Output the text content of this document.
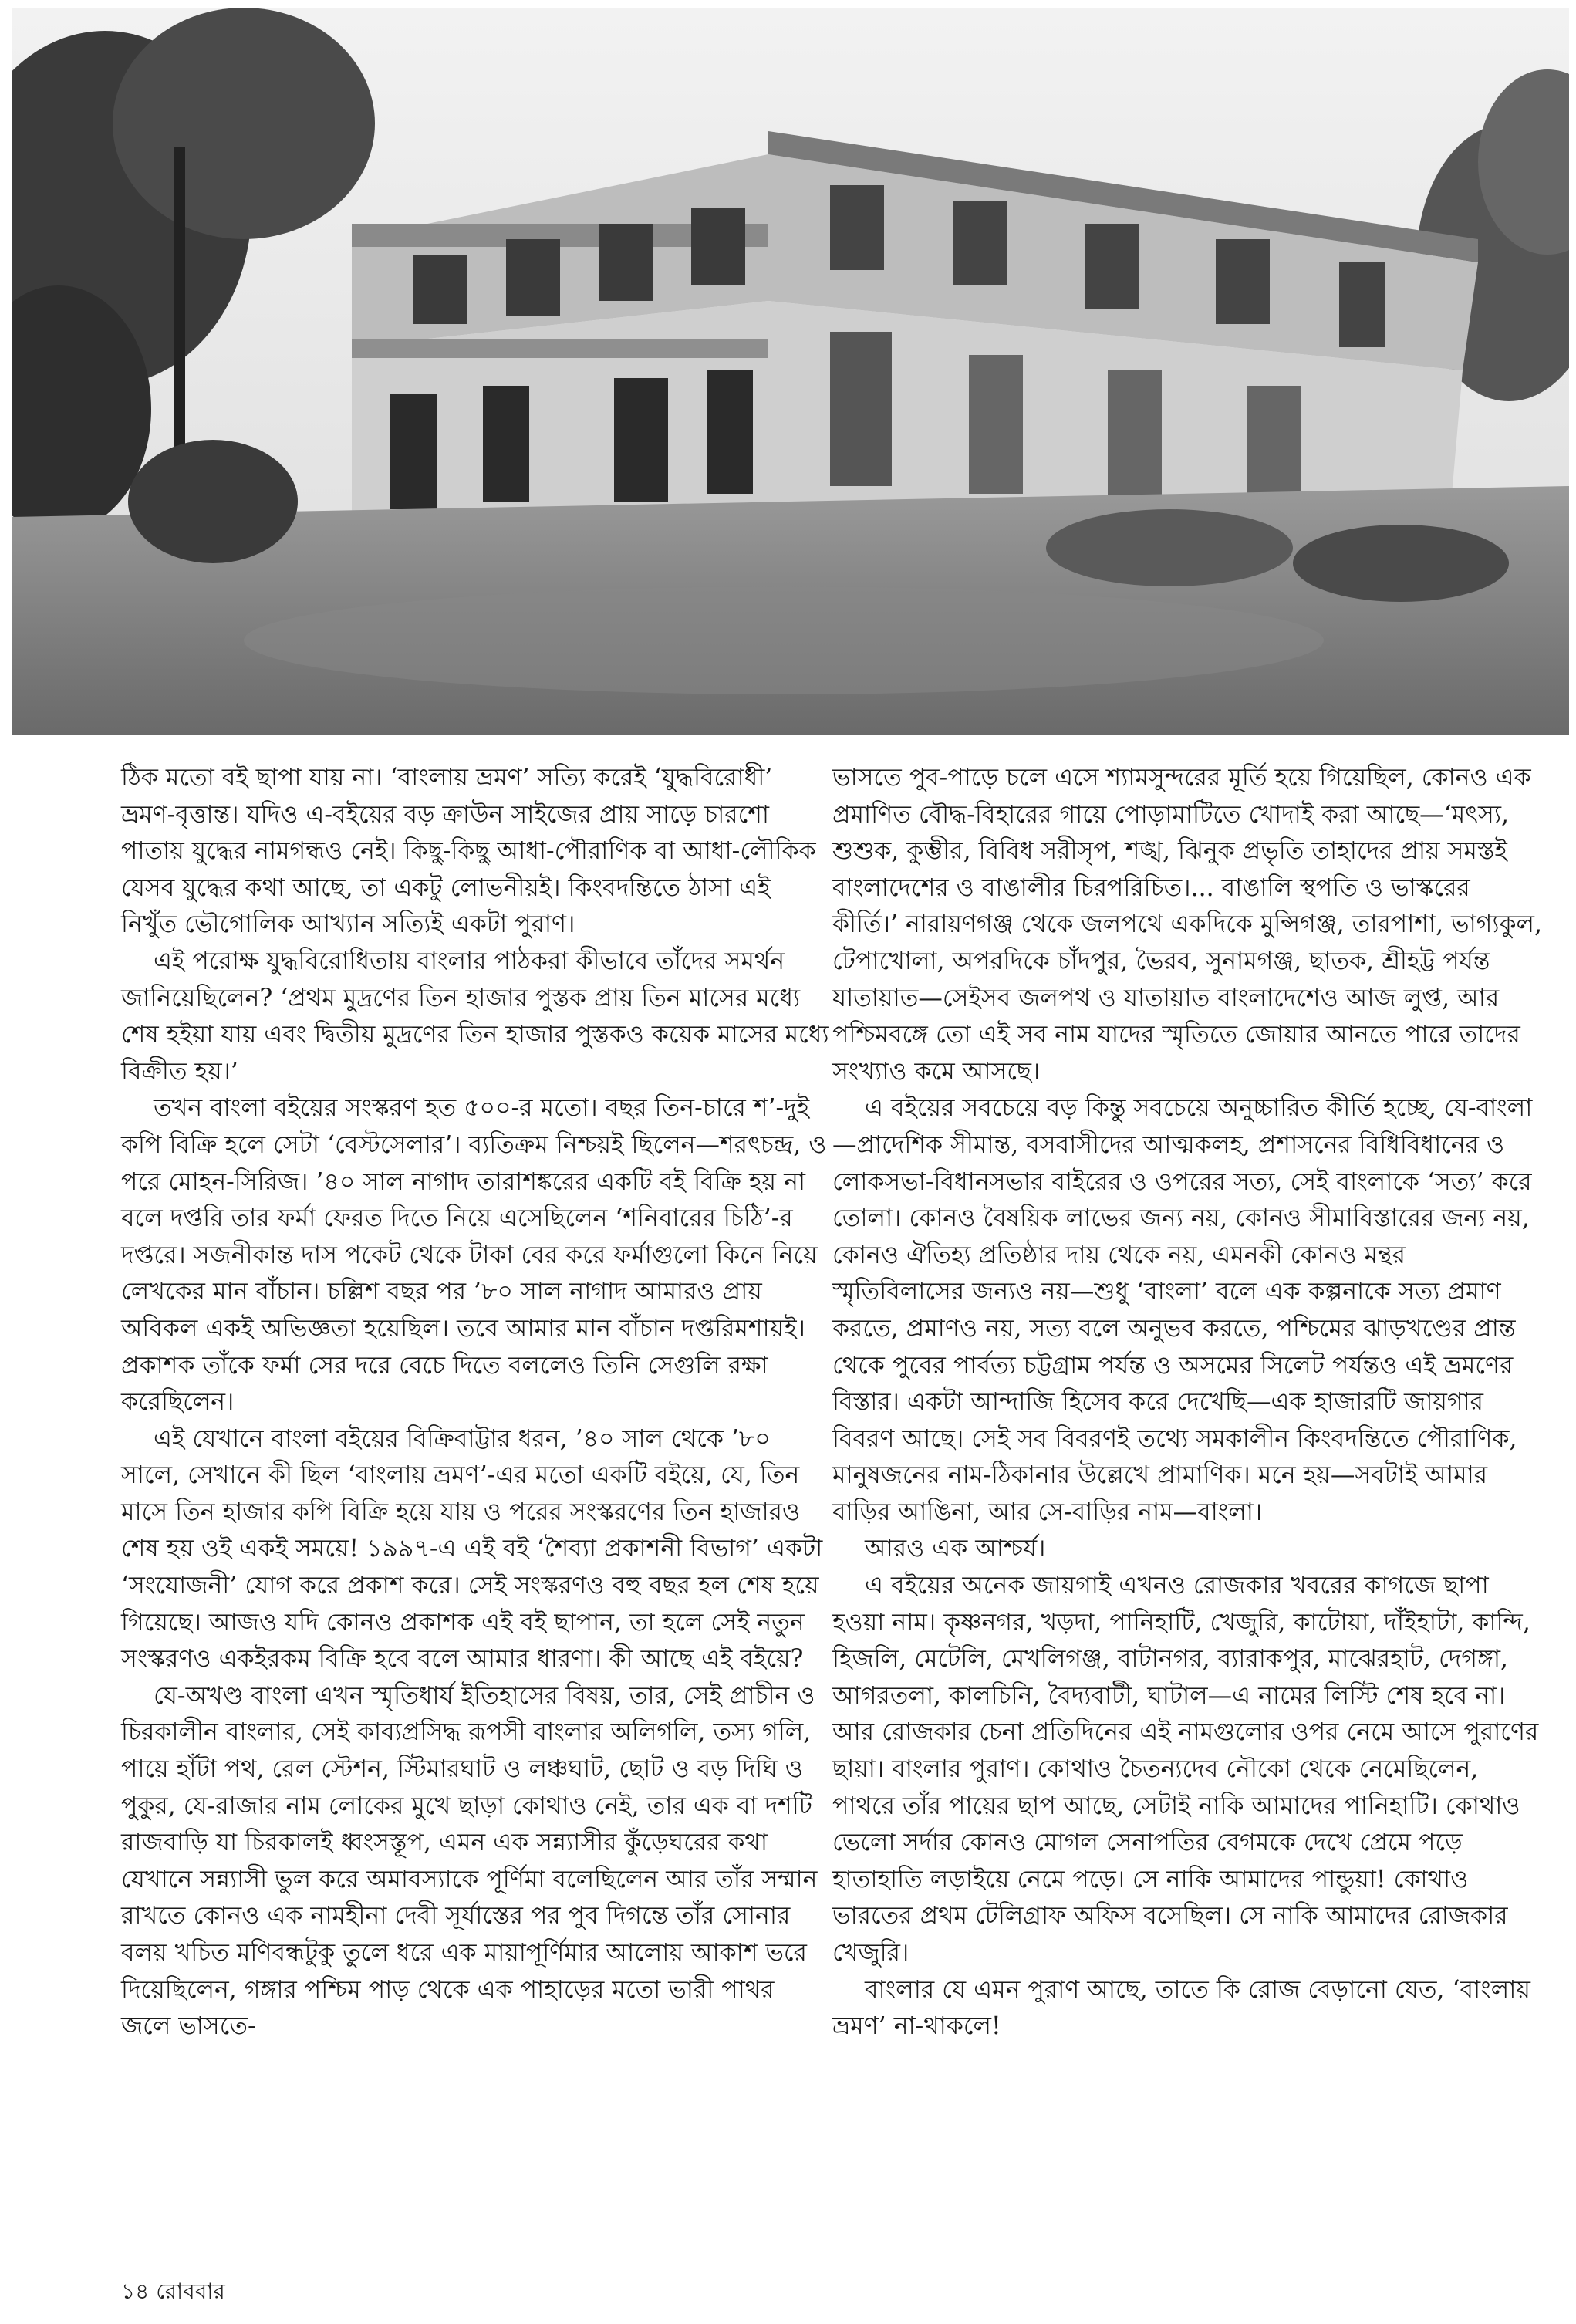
ঠিক মতো বই ছাপা যায় না। ‘বাংলায় ভ্রমণ’ সত্যি করেই ‘যুদ্ধবিরোধী’ ভ্রমণ-বৃত্তান্ত। যদিও এ-বইয়ের বড় ক্রাউন সাইজের প্রায় সাড়ে চারশো পাতায় যুদ্ধের নামগন্ধও নেই। কিছু-কিছু আধা-পৌরাণিক বা আধা-লৌকিক যেসব যুদ্ধের কথা আছে, তা একটু লোভনীয়ই। কিংবদন্তিতে ঠাসা এই নিখুঁত ভৌগোলিক আখ্যান সত্যিই একটা পুরাণ।

এই পরোক্ষ যুদ্ধবিরোধিতায় বাংলার পাঠকরা কীভাবে তাঁদের সমর্থন জানিয়েছিলেন? ‘প্রথম মুদ্রণের তিন হাজার পুস্তক প্রায় তিন মাসের মধ্যে শেষ হইয়া যায় এবং দ্বিতীয় মুদ্রণের তিন হাজার পুস্তকও কয়েক মাসের মধ্যে বিক্রীত হয়।’

তখন বাংলা বইয়ের সংস্করণ হত ৫০০-র মতো। বছর তিন-চারে শ’-দুই কপি বিক্রি হলে সেটা ‘বেস্টসেলার’। ব্যতিক্রম নিশ্চয়ই ছিলেন—শরৎচন্দ্র, ও পরে মোহন-সিরিজ। ’৪০ সাল নাগাদ তারাশঙ্করের একটি বই বিক্রি হয় না বলে দপ্তরি তার ফর্মা ফেরত দিতে নিয়ে এসেছিলেন ‘শনিবারের চিঠি’-র দপ্তরে। সজনীকান্ত দাস পকেট থেকে টাকা বের করে ফর্মাগুলো কিনে নিয়ে লেখকের মান বাঁচান। চল্লিশ বছর পর ’৮০ সাল নাগাদ আমারও প্রায় অবিকল একই অভিজ্ঞতা হয়েছিল। তবে আমার মান বাঁচান দপ্তরিমশায়ই। প্রকাশক তাঁকে ফর্মা সের দরে বেচে দিতে বললেও তিনি সেগুলি রক্ষা করেছিলেন।

এই যেখানে বাংলা বইয়ের বিক্রিবাট্টার ধরন, ’৪০ সাল থেকে ’৮০ সালে, সেখানে কী ছিল ‘বাংলায় ভ্রমণ’-এর মতো একটি বইয়ে, যে, তিন মাসে তিন হাজার কপি বিক্রি হয়ে যায় ও পরের সংস্করণের তিন হাজারও শেষ হয় ওই একই সময়ে! ১৯৯৭-এ এই বই ‘শৈব্যা প্রকাশনী বিভাগ’ একটা ‘সংযোজনী’ যোগ করে প্রকাশ করে। সেই সংস্করণও বহু বছর হল শেষ হয়ে গিয়েছে। আজও যদি কোনও প্রকাশক এই বই ছাপান, তা হলে সেই নতুন সংস্করণও একইরকম বিক্রি হবে বলে আমার ধারণা। কী আছে এই বইয়ে?

যে-অখণ্ড বাংলা এখন স্মৃতিধার্য ইতিহাসের বিষয়, তার, সেই প্রাচীন ও চিরকালীন বাংলার, সেই কাব্যপ্রসিদ্ধ রূপসী বাংলার অলিগলি, তস্য গলি, পায়ে হাঁটা পথ, রেল স্টেশন, স্টিমারঘাট ও লঞ্চঘাট, ছোট ও বড় দিঘি ও পুকুর, যে-রাজার নাম লোকের মুখে ছাড়া কোথাও নেই, তার এক বা দশটি রাজবাড়ি যা চিরকালই ধ্বংসস্তূপ, এমন এক সন্ন্যাসীর কুঁড়েঘরের কথা যেখানে সন্ন্যাসী ভুল করে অমাবস্যাকে পূর্ণিমা বলেছিলেন আর তাঁর সম্মান রাখতে কোনও এক নামহীনা দেবী সূর্যাস্তের পর পুব দিগন্তে তাঁর সোনার বলয় খচিত মণিবন্ধটুকু তুলে ধরে এক মায়াপূর্ণিমার আলোয় আকাশ ভরে দিয়েছিলেন, গঙ্গার পশ্চিম পাড় থেকে এক পাহাড়ের মতো ভারী পাথর জলে ভাসতে-

ভাসতে পুব-পাড়ে চলে এসে শ্যামসুন্দরের মূর্তি হয়ে গিয়েছিল, কোনও এক প্রমাণিত বৌদ্ধ-বিহারের গায়ে পোড়ামাটিতে খোদাই করা আছে—‘মৎস্য, শুশুক, কুম্ভীর, বিবিধ সরীসৃপ, শঙ্খ, ঝিনুক প্রভৃতি তাহাদের প্রায় সমস্তই বাংলাদেশের ও বাঙালীর চিরপরিচিত।... বাঙালি স্থপতি ও ভাস্করের কীর্তি।’ নারায়ণগঞ্জ থেকে জলপথে একদিকে মুন্সিগঞ্জ, তারপাশা, ভাগ্যকুল, টেপাখোলা, অপরদিকে চাঁদপুর, ভৈরব, সুনামগঞ্জ, ছাতক, শ্রীহট্ট পর্যন্ত যাতায়াত—সেইসব জলপথ ও যাতায়াত বাংলাদেশেও আজ লুপ্ত, আর পশ্চিমবঙ্গে তো এই সব নাম যাদের স্মৃতিতে জোয়ার আনতে পারে তাদের সংখ্যাও কমে আসছে।

এ বইয়ের সবচেয়ে বড় কিন্তু সবচেয়ে অনুচ্চারিত কীর্তি হচ্ছে, যে-বাংলা—প্রাদেশিক সীমান্ত, বসবাসীদের আত্মকলহ, প্রশাসনের বিধিবিধানের ও লোকসভা-বিধানসভার বাইরের ও ওপরের সত্য, সেই বাংলাকে ‘সত্য’ করে তোলা। কোনও বৈষয়িক লাভের জন্য নয়, কোনও সীমাবিস্তারের জন্য নয়, কোনও ঐতিহ্য প্রতিষ্ঠার দায় থেকে নয়, এমনকী কোনও মন্থর স্মৃতিবিলাসের জন্যও নয়—শুধু ‘বাংলা’ বলে এক কল্পনাকে সত্য প্রমাণ করতে, প্রমাণও নয়, সত্য বলে অনুভব করতে, পশ্চিমের ঝাড়খণ্ডের প্রান্ত থেকে পুবের পার্বত্য চট্টগ্রাম পর্যন্ত ও অসমের সিলেট পর্যন্তও এই ভ্রমণের বিস্তার। একটা আন্দাজি হিসেব করে দেখেছি—এক হাজারটি জায়গার বিবরণ আছে। সেই সব বিবরণই তথ্যে সমকালীন কিংবদন্তিতে পৌরাণিক, মানুষজনের নাম-ঠিকানার উল্লেখে প্রামাণিক। মনে হয়—সবটাই আমার বাড়ির আঙিনা, আর সে-বাড়ির নাম—বাংলা।

আরও এক আশ্চর্য।

এ বইয়ের অনেক জায়গাই এখনও রোজকার খবরের কাগজে ছাপা হওয়া নাম। কৃষ্ণনগর, খড়দা, পানিহাটি, খেজুরি, কাটোয়া, দাঁইহাটা, কান্দি, হিজলি, মেটেলি, মেখলিগঞ্জ, বাটানগর, ব্যারাকপুর, মাঝেরহাট, দেগঙ্গা, আগরতলা, কালচিনি, বৈদ্যবাটী, ঘাটাল—এ নামের লিস্টি শেষ হবে না। আর রোজকার চেনা প্রতিদিনের এই নামগুলোর ওপর নেমে আসে পুরাণের ছায়া। বাংলার পুরাণ। কোথাও চৈতন্যদেব নৌকো থেকে নেমেছিলেন, পাথরে তাঁর পায়ের ছাপ আছে, সেটাই নাকি আমাদের পানিহাটি। কোথাও ভেলো সর্দার কোনও মোগল সেনাপতির বেগমকে দেখে প্রেমে পড়ে হাতাহাতি লড়াইয়ে নেমে পড়ে। সে নাকি আমাদের পান্ডুয়া! কোথাও ভারতের প্রথম টেলিগ্রাফ অফিস বসেছিল। সে নাকি আমাদের রোজকার খেজুরি।

বাংলার যে এমন পুরাণ আছে, তাতে কি রোজ বেড়ানো যেত, ‘বাংলায় ভ্রমণ’ না-থাকলে!

১৪ রোববার
